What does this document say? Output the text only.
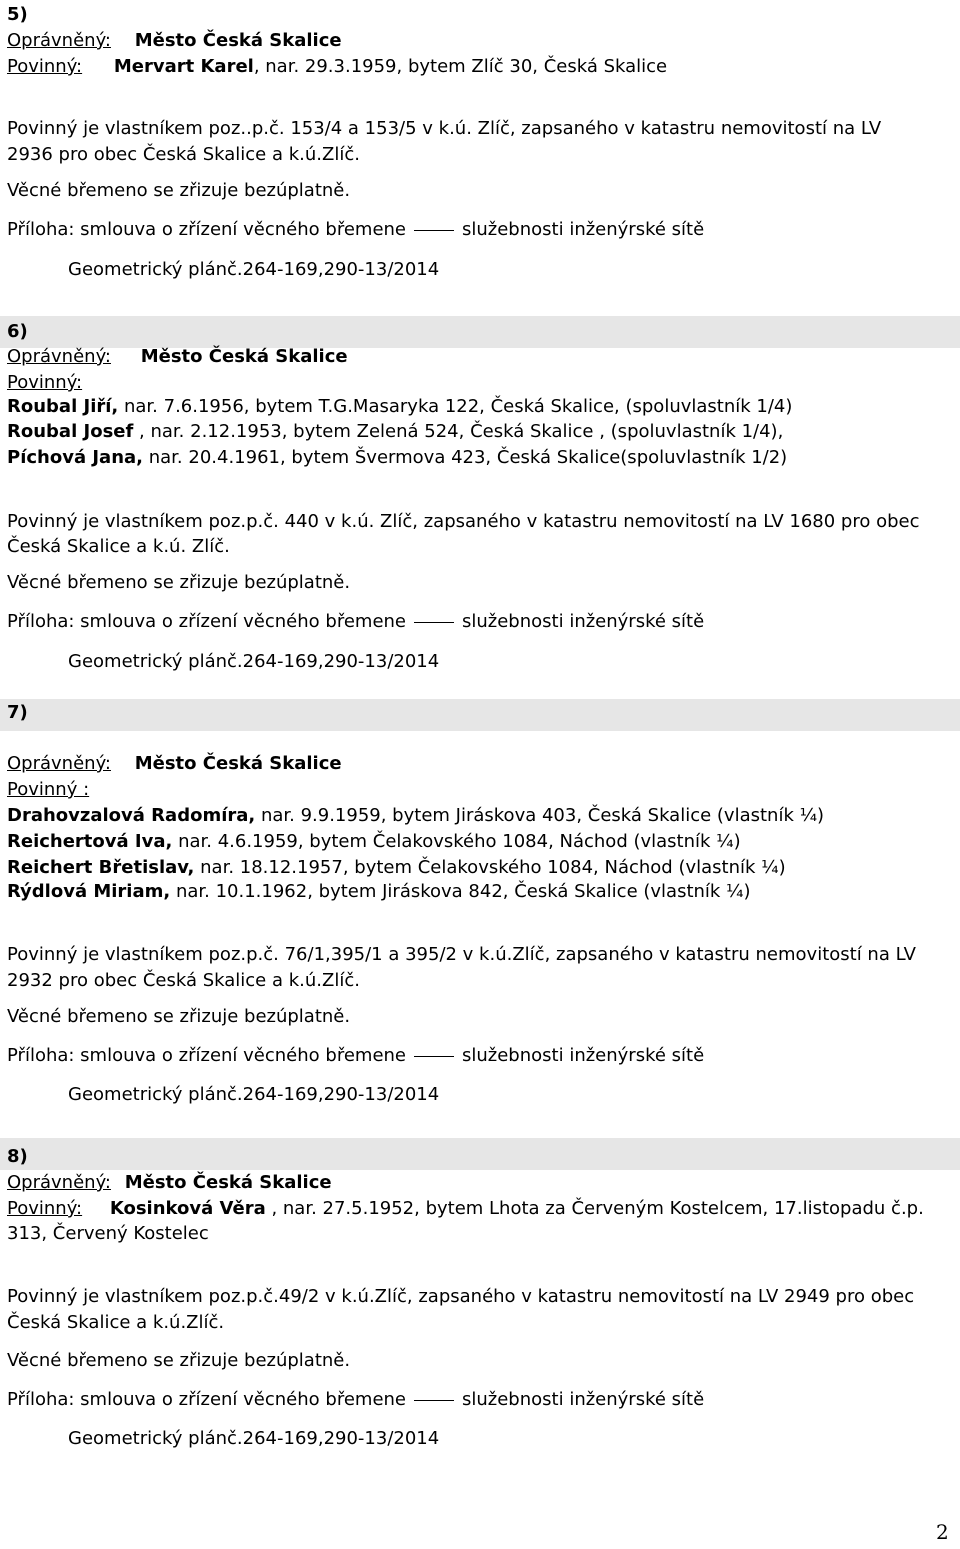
5)
Oprávněný: Město Česká Skalice
Povinný: Mervart Karel, nar. 29.3.1959, bytem Zlíč 30, Česká Skalice
Povinný je vlastníkem poz..p.č. 153/4 a 153/5 v k.ú. Zlíč, zapsaného v katastru nemovitostí na LV
2936 pro obec Česká Skalice a k.ú.Zlíč.
Věcné břemeno se zřizuje bezúplatně.
Příloha: smlouva o zřízení věcného břemene	služebnosti inženýrské sítě
Geometrický plánč.264-169,290-13/2014
6)
Oprávněný: Město Česká Skalice
Povinný:
Roubal Jiří, nar. 7.6.1956, bytem T.G.Masaryka 122, Česká Skalice, (spoluvlastník 1/4)
Roubal Josef , nar. 2.12.1953, bytem Zelená 524, Česká Skalice , (spoluvlastník 1/4),
Píchová Jana, nar. 20.4.1961, bytem Švermova 423, Česká Skalice(spoluvlastník 1/2)
Povinný je vlastníkem poz.p.č. 440 v k.ú. Zlíč, zapsaného v katastru nemovitostí na LV 1680 pro obec
Česká Skalice a k.ú. Zlíč.
Věcné břemeno se zřizuje bezúplatně.
Příloha: smlouva o zřízení věcného břemene	služebnosti inženýrské sítě
Geometrický plánč.264-169,290-13/2014
7)
Oprávněný: Město Česká Skalice
Povinný :
Drahovzalová Radomíra, nar. 9.9.1959, bytem Jiráskova 403, Česká Skalice (vlastník ¼)
Reichertová Iva, nar. 4.6.1959, bytem Čelakovského 1084, Náchod (vlastník ¼)
Reichert Břetislav, nar. 18.12.1957, bytem Čelakovského 1084, Náchod (vlastník ¼)
Rýdlová Miriam, nar. 10.1.1962, bytem Jiráskova 842, Česká Skalice (vlastník ¼)
Povinný je vlastníkem poz.p.č. 76/1,395/1 a 395/2 v k.ú.Zlíč, zapsaného v katastru nemovitostí na LV
2932 pro obec Česká Skalice a k.ú.Zlíč.
Věcné břemeno se zřizuje bezúplatně.
Příloha: smlouva o zřízení věcného břemene	služebnosti inženýrské sítě
Geometrický plánč.264-169,290-13/2014
8)
Oprávněný: Město Česká Skalice
Povinný: Kosinková Věra , nar. 27.5.1952, bytem Lhota za Červeným Kostelcem, 17.listopadu č.p.
313, Červený Kostelec
Povinný je vlastníkem poz.p.č.49/2 v k.ú.Zlíč, zapsaného v katastru nemovitostí na LV 2949 pro obec
Česká Skalice a k.ú.Zlíč.
Věcné břemeno se zřizuje bezúplatně.
Příloha: smlouva o zřízení věcného břemene	služebnosti inženýrské sítě
Geometrický plánč.264-169,290-13/2014
2
